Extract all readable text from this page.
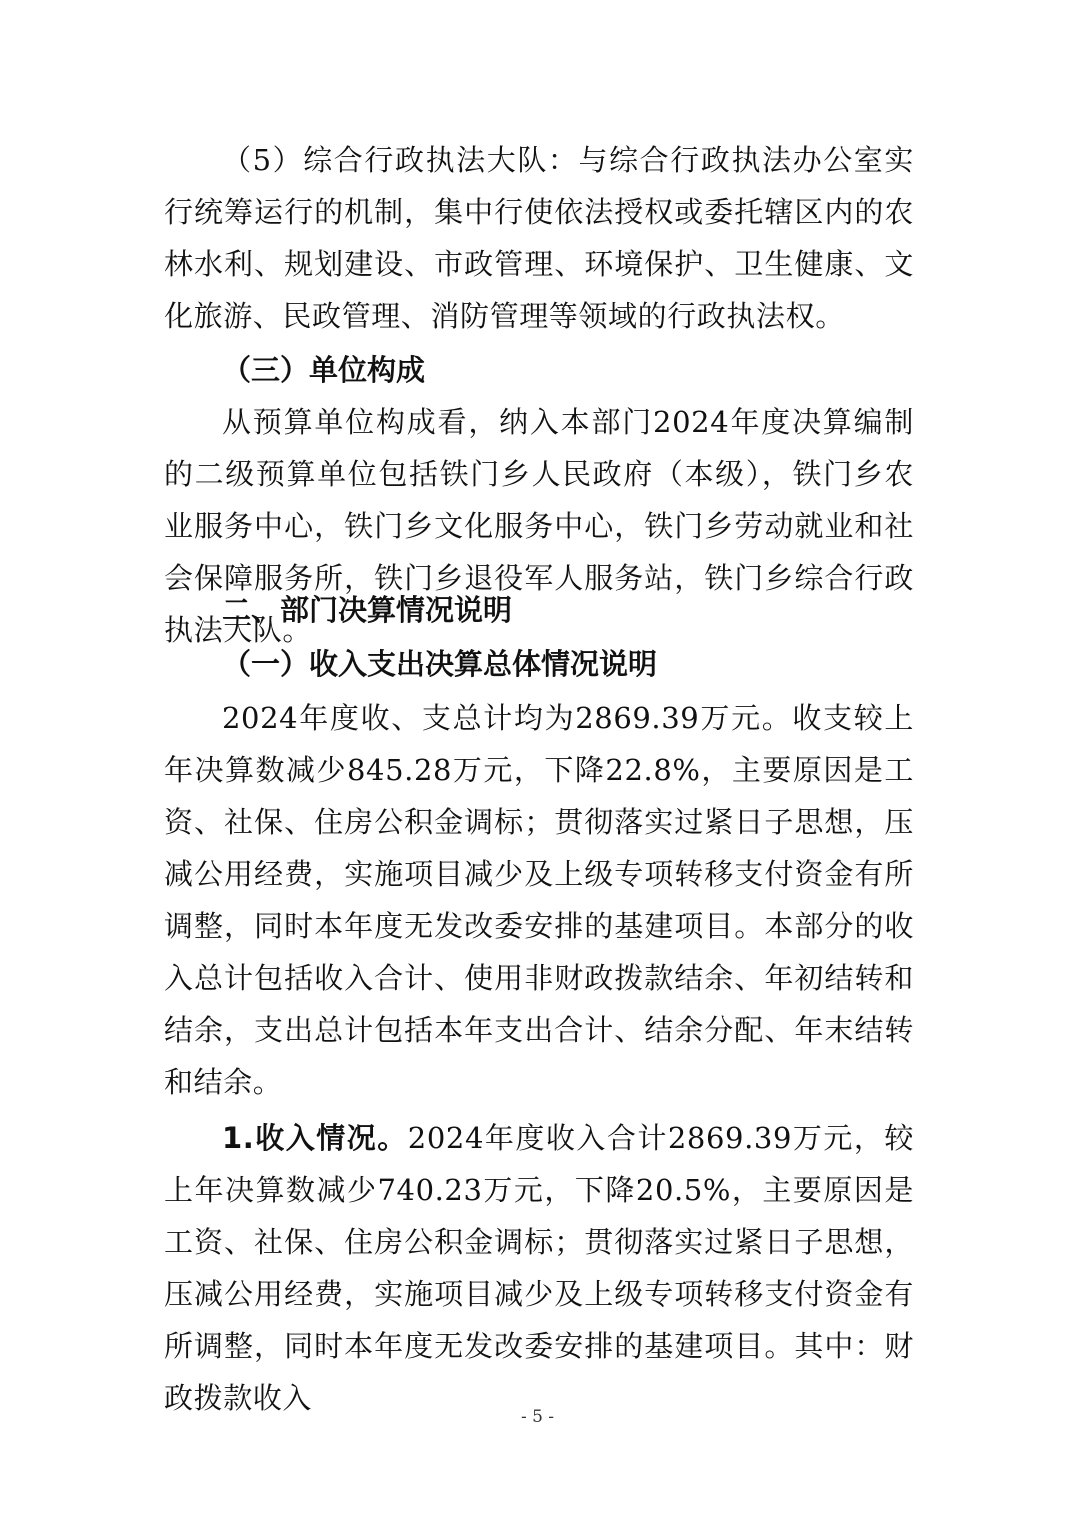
（5）综合行政执法大队：与综合行政执法办公室实行统筹运行的机制，集中行使依法授权或委托辖区内的农林水利、规划建设、市政管理、环境保护、卫生健康、文化旅游、民政管理、消防管理等领域的行政执法权。

（三）单位构成

从预算单位构成看，纳入本部门2024年度决算编制的二级预算单位包括铁门乡人民政府（本级），铁门乡农业服务中心，铁门乡文化服务中心，铁门乡劳动就业和社会保障服务所，铁门乡退役军人服务站，铁门乡综合行政执法大队。

二、部门决算情况说明

（一）收入支出决算总体情况说明

2024年度收、支总计均为2869.39万元。收支较上年决算数减少845.28万元，下降22.8%，主要原因是工资、社保、住房公积金调标；贯彻落实过紧日子思想，压减公用经费，实施项目减少及上级专项转移支付资金有所调整，同时本年度无发改委安排的基建项目。本部分的收入总计包括收入合计、使用非财政拨款结余、年初结转和结余，支出总计包括本年支出合计、结余分配、年末结转和结余。

1.收入情况。2024年度收入合计2869.39万元，较上年决算数减少740.23万元，下降20.5%，主要原因是工资、社保、住房公积金调标；贯彻落实过紧日子思想，压减公用经费，实施项目减少及上级专项转移支付资金有所调整，同时本年度无发改委安排的基建项目。其中：财政拨款收入

- 5 -
